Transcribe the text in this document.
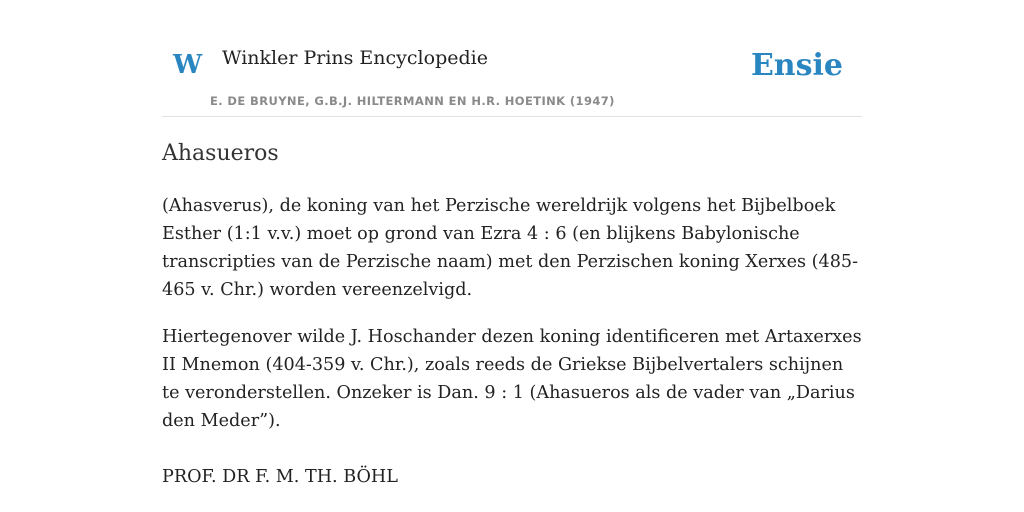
W Winkler Prins Encyclopedie
E. DE BRUYNE, G.B.J. HILTERMANN EN H.R. HOETINK (1947)
Ensie
Ahasueros

(Ahasverus), de koning van het Perzische wereldrijk volgens het Bijbelboek Esther (1:1 v.v.) moet op grond van Ezra 4 : 6 (en blijkens Babylonische transcripties van de Perzische naam) met den Perzischen koning Xerxes (485-465 v. Chr.) worden vereenzelvigd.

Hiertegenover wilde J. Hoschander dezen koning identificeren met Artaxerxes II Mnemon (404-359 v. Chr.), zoals reeds de Griekse Bijbelvertalers schijnen te veronderstellen. Onzeker is Dan. 9 : 1 (Ahasueros als de vader van „Darius den Meder”).

PROF. DR F. M. TH. BÖHL
